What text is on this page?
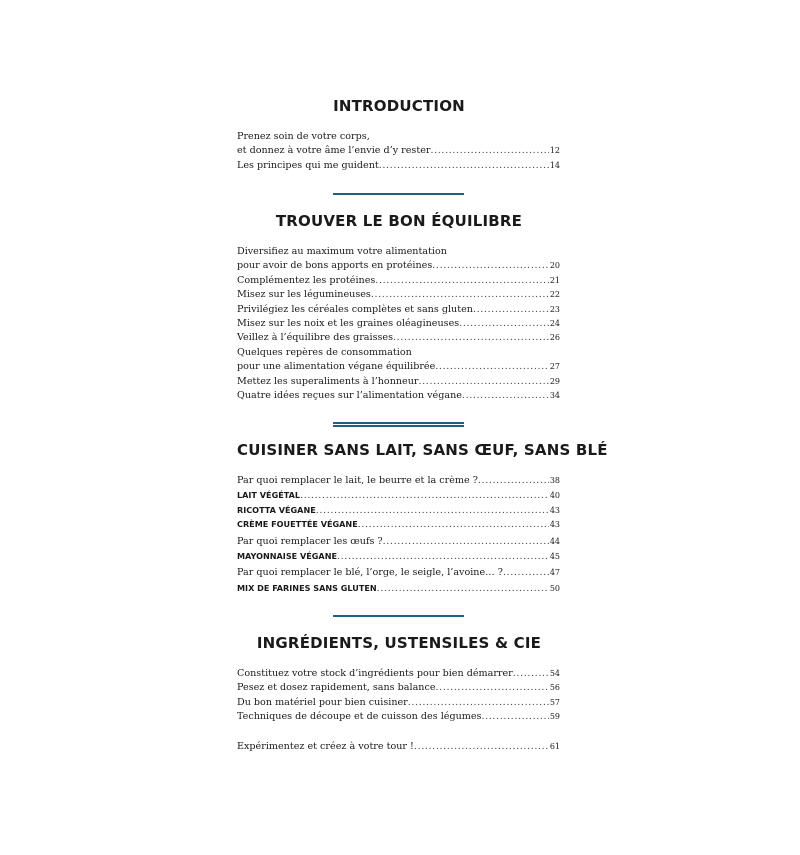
INTRODUCTION
Prenez soin de votre corps,
et donnez à votre âme l’envie d’y rester .....	12
Les principes qui me guident .....	14
TROUVER LE BON ÉQUILIBRE
Diversifiez au maximum votre alimentation
pour avoir de bons apports en protéines .....	20
Complémentez les protéines .....	21
Misez sur les légumineuses .....	22
Privilégiez les céréales complètes et sans gluten .....	23
Misez sur les noix et les graines oléagineuses .....	24
Veillez à l’équilibre des graisses .....	26
Quelques repères de consommation
pour une alimentation végane équilibrée .....	27
Mettez les superaliments à l’honneur .....	29
Quatre idées reçues sur l’alimentation végane .....	34
CUISINER SANS LAIT, SANS ŒUF, SANS BLÉ
Par quoi remplacer le lait, le beurre et la crème ? .....	38
LAIT VÉGÉTAL .....	40
RICOTTA VÉGANE .....	43
CRÈME FOUETTÉE VÉGANE .....	43
Par quoi remplacer les œufs ? .....	44
MAYONNAISE VÉGANE .....	45
Par quoi remplacer le blé, l’orge, le seigle, l’avoine… ? .....	47
MIX DE FARINES SANS GLUTEN .....	50
INGRÉDIENTS, USTENSILES & CIE
Constituez votre stock d’ingrédients pour bien démarrer .....	54
Pesez et dosez rapidement, sans balance .....	56
Du bon matériel pour bien cuisiner .....	57
Techniques de découpe et de cuisson des légumes .....	59
Expérimentez et créez à votre tour ! .....	61
